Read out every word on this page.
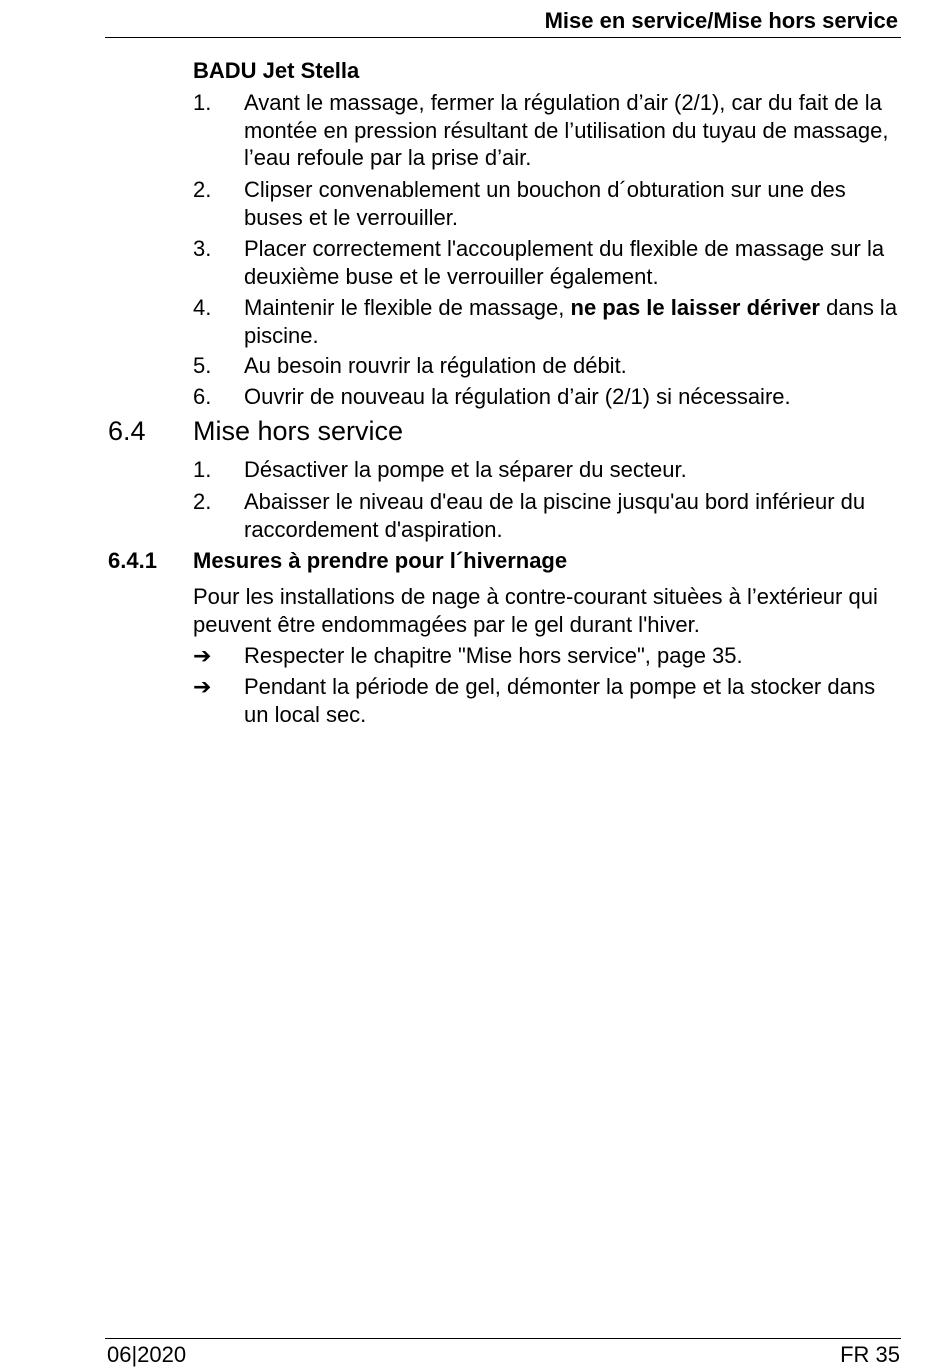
Mise en service/Mise hors service
BADU Jet Stella
1. Avant le massage, fermer la régulation d’air (2/1), car du fait de la montée en pression résultant de l’utilisation du tuyau de massage, l’eau refoule par la prise d’air.
2. Clipser convenablement un bouchon d´obturation sur une des buses et le verrouiller.
3. Placer correctement l'accouplement du flexible de massage sur la deuxième buse et le verrouiller également.
4. Maintenir le flexible de massage, ne pas le laisser dériver dans la piscine.
5. Au besoin rouvrir la régulation de débit.
6. Ouvrir de nouveau la régulation d’air (2/1) si nécessaire.
6.4 Mise hors service
1. Désactiver la pompe et la séparer du secteur.
2. Abaisser le niveau d'eau de la piscine jusqu'au bord inférieur du raccordement d'aspiration.
6.4.1 Mesures à prendre pour l´hivernage
Pour les installations de nage à contre-courant situèes à l’extérieur qui peuvent être endommagées par le gel durant l'hiver.
➔ Respecter le chapitre "Mise hors service", page 35.
➔ Pendant la période de gel, démonter la pompe et la stocker dans un local sec.
06|2020	FR 35
